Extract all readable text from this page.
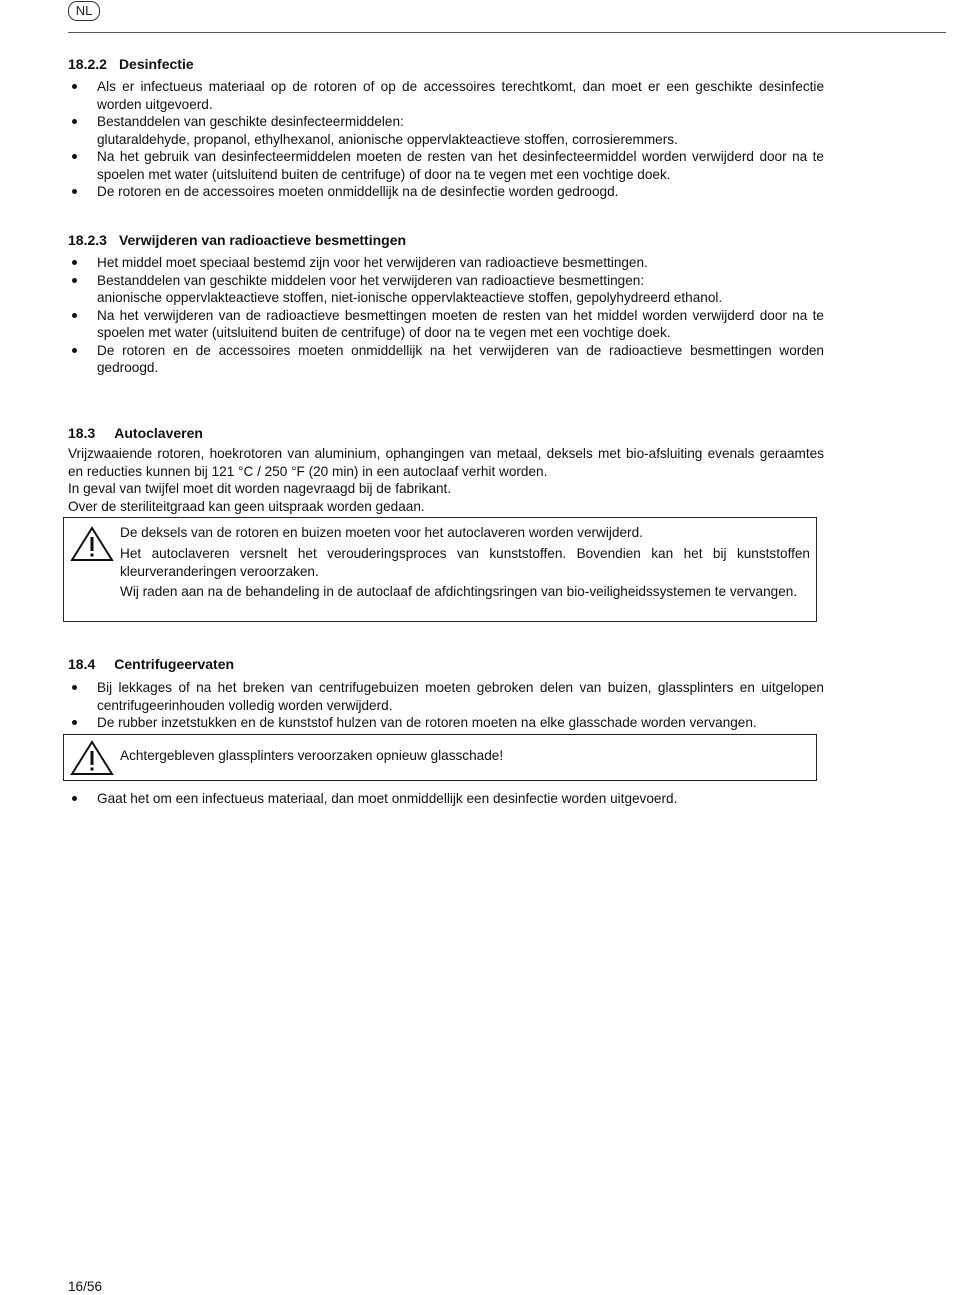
NL
18.2.2 Desinfectie
Als er infectueus materiaal op de rotoren of op de accessoires terechtkomt, dan moet er een geschikte desinfectie worden uitgevoerd.
Bestanddelen van geschikte desinfecteermiddelen:
glutaraldehyde, propanol, ethylhexanol, anionische oppervlakteactieve stoffen, corrosieremmers.
Na het gebruik van desinfecteermiddelen moeten de resten van het desinfecteermiddel worden verwijderd door na te spoelen met water (uitsluitend buiten de centrifuge) of door na te vegen met een vochtige doek.
De rotoren en de accessoires moeten onmiddellijk na de desinfectie worden gedroogd.
18.2.3 Verwijderen van radioactieve besmettingen
Het middel moet speciaal bestemd zijn voor het verwijderen van radioactieve besmettingen.
Bestanddelen van geschikte middelen voor het verwijderen van radioactieve besmettingen:
anionische oppervlakteactieve stoffen, niet-ionische oppervlakteactieve stoffen, gepolyhydreerd ethanol.
Na het verwijderen van de radioactieve besmettingen moeten de resten van het middel worden verwijderd door na te spoelen met water (uitsluitend buiten de centrifuge) of door na te vegen met een vochtige doek.
De rotoren en de accessoires moeten onmiddellijk na het verwijderen van de radioactieve besmettingen worden gedroogd.
18.3 Autoclaveren
Vrijzwaaiende rotoren, hoekrotoren van aluminium, ophangingen van metaal, deksels met bio-afsluiting evenals geraamtes en reducties kunnen bij 121 °C / 250 °F (20 min) in een autoclaaf verhit worden.
In geval van twijfel moet dit worden nagevraagd bij de fabrikant.
Over de steriliteitgraad kan geen uitspraak worden gedaan.
De deksels van de rotoren en buizen moeten voor het autoclaveren worden verwijderd.
Het autoclaveren versnelt het verouderingsproces van kunststoffen. Bovendien kan het bij kunststoffen kleurveranderingen veroorzaken.
Wij raden aan na de behandeling in de autoclaaf de afdichtingsringen van bio-veiligheidssystemen te vervangen.
18.4 Centrifugeervaten
Bij lekkages of na het breken van centrifugebuizen moeten gebroken delen van buizen, glassplinters en uitgelopen centrifugeerinhouden volledig worden verwijderd.
De rubber inzetstukken en de kunststof hulzen van de rotoren moeten na elke glasschade worden vervangen.
Achtergebleven glassplinters veroorzaken opnieuw glasschade!
Gaat het om een infectueus materiaal, dan moet onmiddellijk een desinfectie worden uitgevoerd.
16/56
